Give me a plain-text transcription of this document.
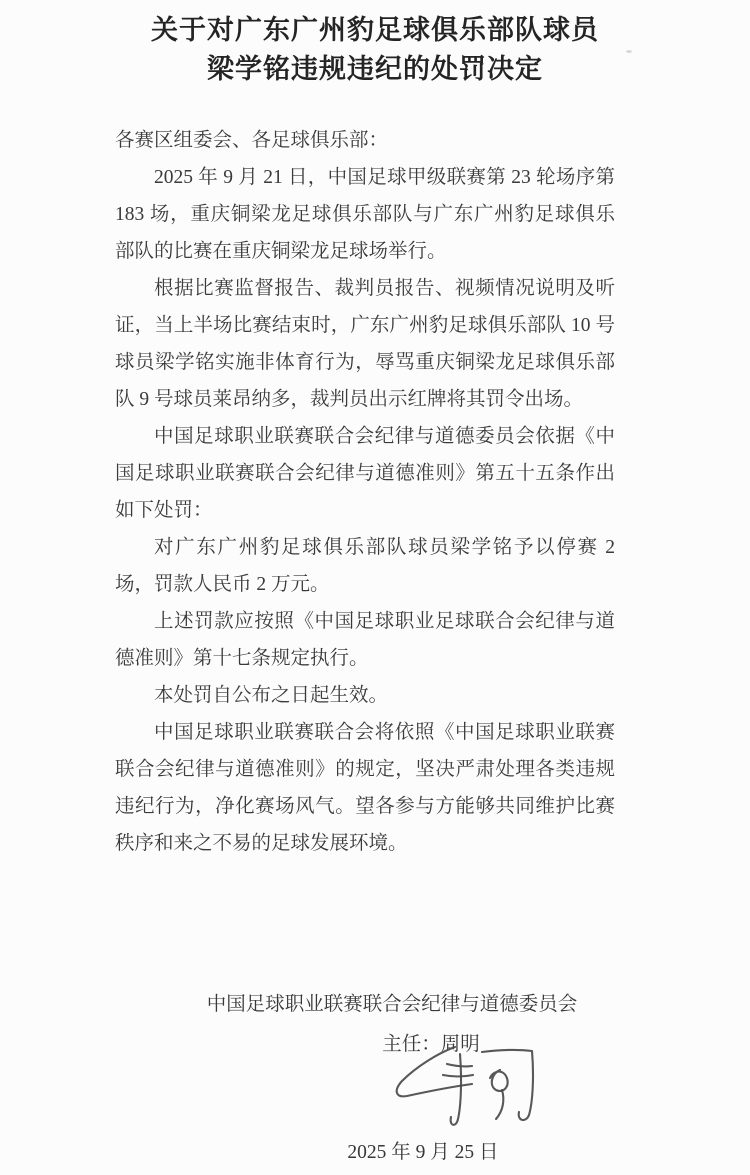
关于对广东广州豹足球俱乐部队球员
梁学铭违规违纪的处罚决定
各赛区组委会、各足球俱乐部：

2025 年 9 月 21 日，中国足球甲级联赛第 23 轮场序第 183 场，重庆铜梁龙足球俱乐部队与广东广州豹足球俱乐部队的比赛在重庆铜梁龙足球场举行。

根据比赛监督报告、裁判员报告、视频情况说明及听证，当上半场比赛结束时，广东广州豹足球俱乐部队 10 号球员梁学铭实施非体育行为，辱骂重庆铜梁龙足球俱乐部队 9 号球员莱昂纳多，裁判员出示红牌将其罚令出场。

中国足球职业联赛联合会纪律与道德委员会依据《中国足球职业联赛联合会纪律与道德准则》第五十五条作出如下处罚：

对广东广州豹足球俱乐部队球员梁学铭予以停赛 2 场，罚款人民币 2 万元。

上述罚款应按照《中国足球职业足球联合会纪律与道德准则》第十七条规定执行。

本处罚自公布之日起生效。

中国足球职业联赛联合会将依照《中国足球职业联赛联合会纪律与道德准则》的规定，坚决严肃处理各类违规违纪行为，净化赛场风气。望各参与方能够共同维护比赛秩序和来之不易的足球发展环境。

中国足球职业联赛联合会纪律与道德委员会
主任：周明
2025 年 9 月 25 日
